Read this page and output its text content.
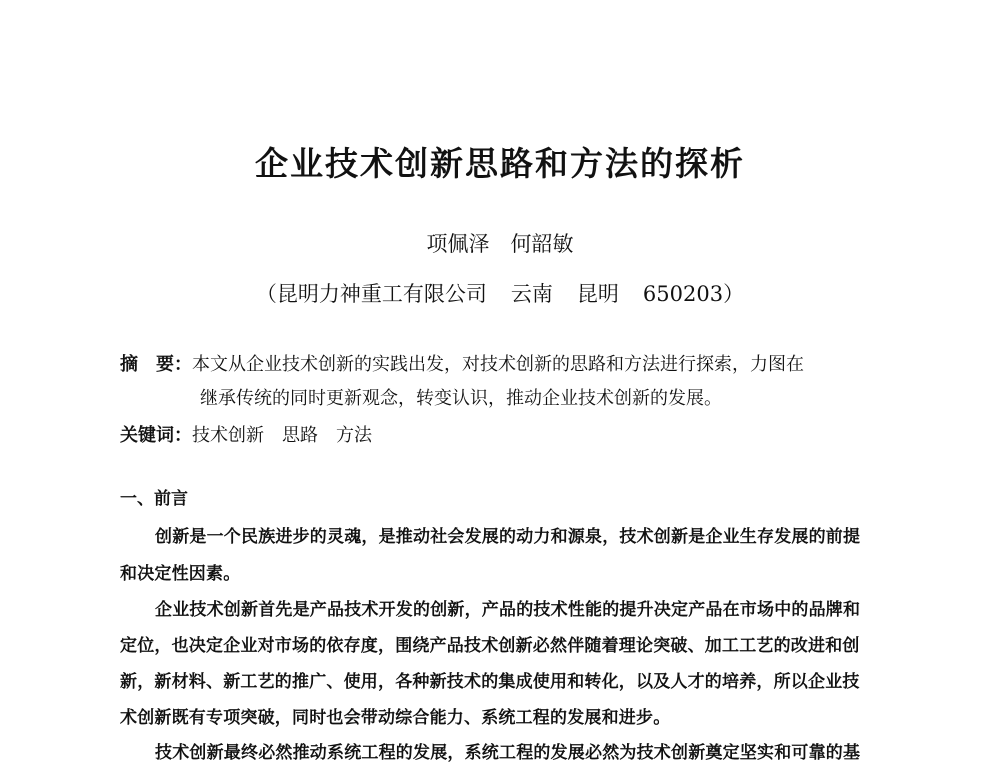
企业技术创新思路和方法的探析
项佩泽　何韶敏
（昆明力神重工有限公司 云南 昆明 650203）
摘　要：本文从企业技术创新的实践出发，对技术创新的思路和方法进行探索，力图在
继承传统的同时更新观念，转变认识，推动企业技术创新的发展。
关键词：技术创新　思路　方法
一、前言
创新是一个民族进步的灵魂，是推动社会发展的动力和源泉，技术创新是企业生存发展的前提
和决定性因素。
企业技术创新首先是产品技术开发的创新，产品的技术性能的提升决定产品在市场中的品牌和
定位，也决定企业对市场的依存度，围绕产品技术创新必然伴随着理论突破、加工工艺的改进和创
新，新材料、新工艺的推广、使用，各种新技术的集成使用和转化，以及人才的培养，所以企业技
术创新既有专项突破，同时也会带动综合能力、系统工程的发展和进步。
技术创新最终必然推动系统工程的发展，系统工程的发展必然为技术创新奠定坚实和可靠的基
